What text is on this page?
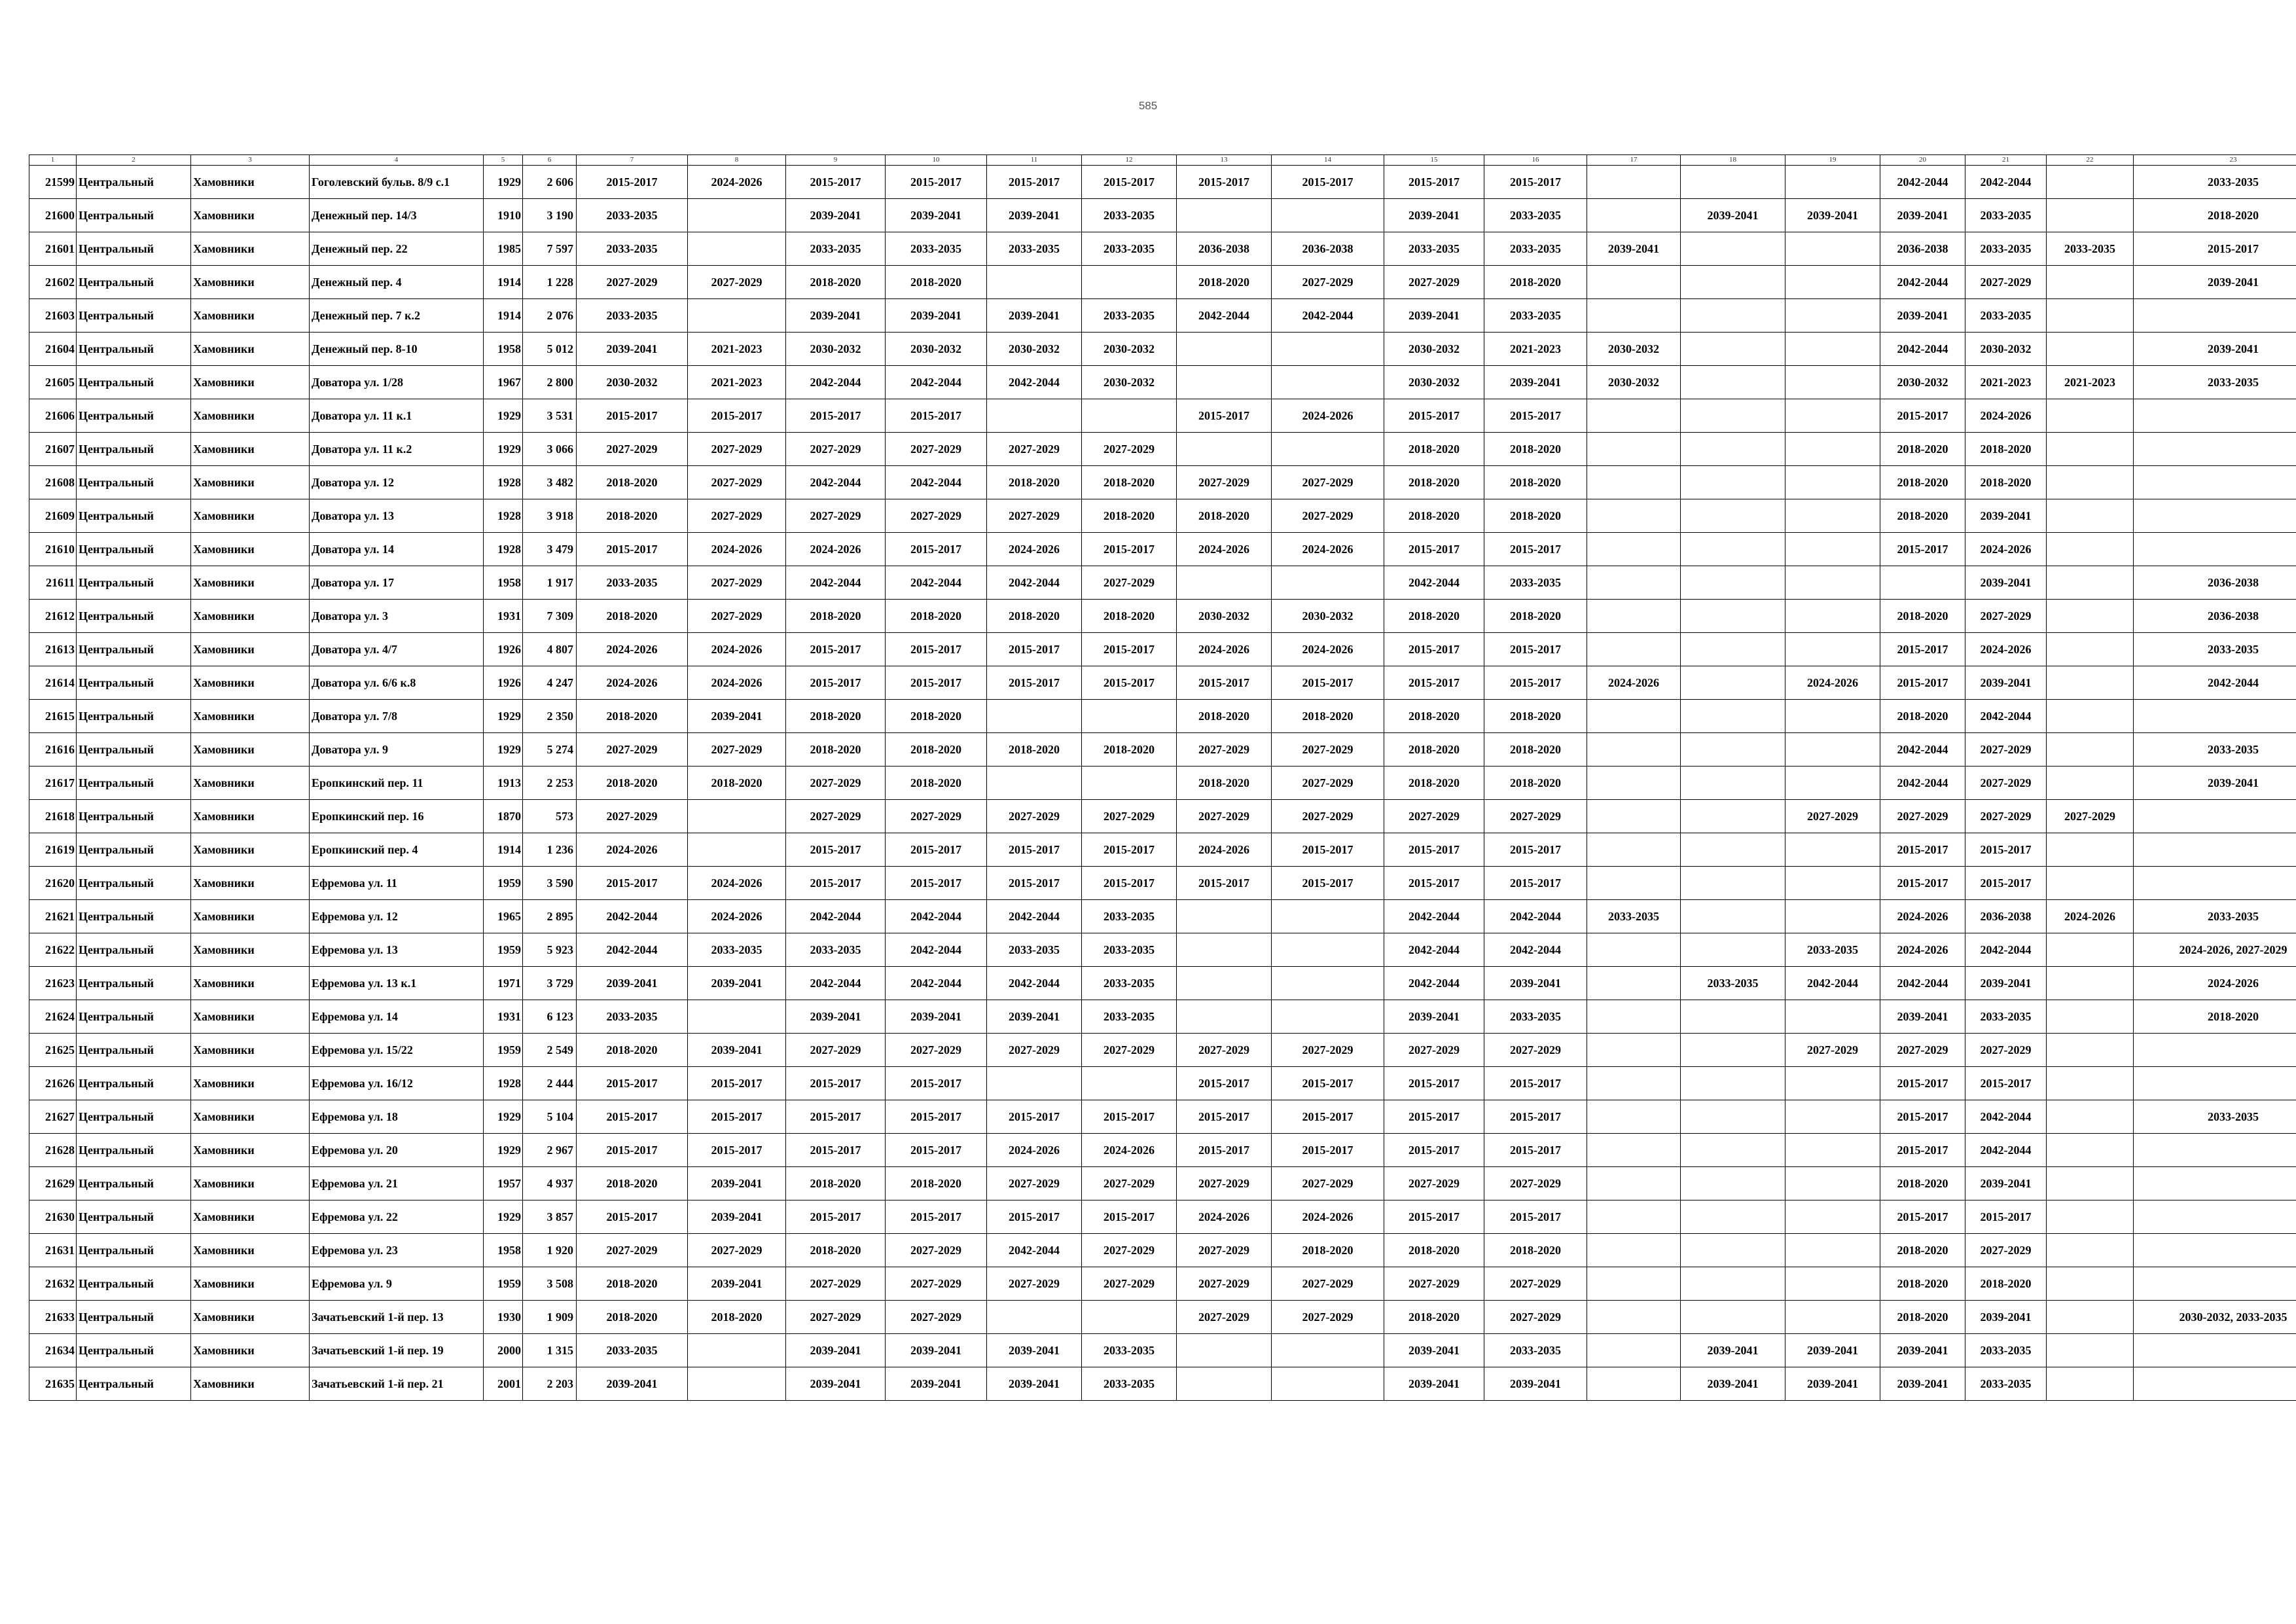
585
1	2	3	4	5	6	7	8	9	10	11	12	13	14	15	16	17	18	19	20	21	22	23
21599	Центральный	Хамовники	Гоголевский бульв. 8/9 с.1	1929	2 606	2015-2017	2024-2026	2015-2017	2015-2017	2015-2017	2015-2017	2015-2017	2015-2017	2015-2017	2015-2017				2042-2044	2042-2044		2033-2035
21600	Центральный	Хамовники	Денежный пер. 14/3	1910	3 190	2033-2035		2039-2041	2039-2041	2039-2041	2033-2035			2039-2041	2033-2035		2039-2041	2039-2041	2039-2041	2033-2035		2018-2020
21601	Центральный	Хамовники	Денежный пер. 22	1985	7 597	2033-2035		2033-2035	2033-2035	2033-2035	2033-2035	2036-2038	2036-2038	2033-2035	2033-2035	2039-2041			2036-2038	2033-2035	2033-2035	2015-2017
21602	Центральный	Хамовники	Денежный пер. 4	1914	1 228	2027-2029	2027-2029	2018-2020	2018-2020			2018-2020	2027-2029	2027-2029	2018-2020				2042-2044	2027-2029		2039-2041
21603	Центральный	Хамовники	Денежный пер. 7 к.2	1914	2 076	2033-2035		2039-2041	2039-2041	2039-2041	2033-2035	2042-2044	2042-2044	2039-2041	2033-2035				2039-2041	2033-2035		
21604	Центральный	Хамовники	Денежный пер. 8-10	1958	5 012	2039-2041	2021-2023	2030-2032	2030-2032	2030-2032	2030-2032			2030-2032	2021-2023	2030-2032			2042-2044	2030-2032		2039-2041
21605	Центральный	Хамовники	Доватора ул. 1/28	1967	2 800	2030-2032	2021-2023	2042-2044	2042-2044	2042-2044	2030-2032			2030-2032	2039-2041	2030-2032			2030-2032	2021-2023	2021-2023	2033-2035
21606	Центральный	Хамовники	Доватора ул. 11 к.1	1929	3 531	2015-2017	2015-2017	2015-2017	2015-2017			2015-2017	2024-2026	2015-2017	2015-2017				2015-2017	2024-2026		
21607	Центральный	Хамовники	Доватора ул. 11 к.2	1929	3 066	2027-2029	2027-2029	2027-2029	2027-2029	2027-2029	2027-2029			2018-2020	2018-2020				2018-2020	2018-2020		
21608	Центральный	Хамовники	Доватора ул. 12	1928	3 482	2018-2020	2027-2029	2042-2044	2042-2044	2018-2020	2018-2020	2027-2029	2027-2029	2018-2020	2018-2020				2018-2020	2018-2020		
21609	Центральный	Хамовники	Доватора ул. 13	1928	3 918	2018-2020	2027-2029	2027-2029	2027-2029	2027-2029	2018-2020	2018-2020	2027-2029	2018-2020	2018-2020				2018-2020	2039-2041		
21610	Центральный	Хамовники	Доватора ул. 14	1928	3 479	2015-2017	2024-2026	2024-2026	2015-2017	2024-2026	2015-2017	2024-2026	2024-2026	2015-2017	2015-2017				2015-2017	2024-2026		
21611	Центральный	Хамовники	Доватора ул. 17	1958	1 917	2033-2035	2027-2029	2042-2044	2042-2044	2042-2044	2027-2029			2042-2044	2033-2035					2039-2041		2036-2038
21612	Центральный	Хамовники	Доватора ул. 3	1931	7 309	2018-2020	2027-2029	2018-2020	2018-2020	2018-2020	2018-2020	2030-2032	2030-2032	2018-2020	2018-2020				2018-2020	2027-2029		2036-2038
21613	Центральный	Хамовники	Доватора ул. 4/7	1926	4 807	2024-2026	2024-2026	2015-2017	2015-2017	2015-2017	2015-2017	2024-2026	2024-2026	2015-2017	2015-2017				2015-2017	2024-2026		2033-2035
21614	Центральный	Хамовники	Доватора ул. 6/6 к.8	1926	4 247	2024-2026	2024-2026	2015-2017	2015-2017	2015-2017	2015-2017	2015-2017	2015-2017	2015-2017	2015-2017	2024-2026		2024-2026	2015-2017	2039-2041		2042-2044
21615	Центральный	Хамовники	Доватора ул. 7/8	1929	2 350	2018-2020	2039-2041	2018-2020	2018-2020			2018-2020	2018-2020	2018-2020	2018-2020				2018-2020	2042-2044		
21616	Центральный	Хамовники	Доватора ул. 9	1929	5 274	2027-2029	2027-2029	2018-2020	2018-2020	2018-2020	2018-2020	2027-2029	2027-2029	2018-2020	2018-2020				2042-2044	2027-2029		2033-2035
21617	Центральный	Хамовники	Еропкинский пер. 11	1913	2 253	2018-2020	2018-2020	2027-2029	2018-2020			2018-2020	2027-2029	2018-2020	2018-2020				2042-2044	2027-2029		2039-2041
21618	Центральный	Хамовники	Еропкинский пер. 16	1870	573	2027-2029		2027-2029	2027-2029	2027-2029	2027-2029	2027-2029	2027-2029	2027-2029	2027-2029			2027-2029	2027-2029	2027-2029	2027-2029	
21619	Центральный	Хамовники	Еропкинский пер. 4	1914	1 236	2024-2026		2015-2017	2015-2017	2015-2017	2015-2017	2024-2026	2015-2017	2015-2017	2015-2017				2015-2017	2015-2017		
21620	Центральный	Хамовники	Ефремова ул. 11	1959	3 590	2015-2017	2024-2026	2015-2017	2015-2017	2015-2017	2015-2017	2015-2017	2015-2017	2015-2017	2015-2017				2015-2017	2015-2017		
21621	Центральный	Хамовники	Ефремова ул. 12	1965	2 895	2042-2044	2024-2026	2042-2044	2042-2044	2042-2044	2033-2035			2042-2044	2042-2044	2033-2035			2024-2026	2036-2038	2024-2026	2033-2035
21622	Центральный	Хамовники	Ефремова ул. 13	1959	5 923	2042-2044	2033-2035	2033-2035	2042-2044	2033-2035	2033-2035			2042-2044	2042-2044			2033-2035	2024-2026	2042-2044		2024-2026, 2027-2029
21623	Центральный	Хамовники	Ефремова ул. 13 к.1	1971	3 729	2039-2041	2039-2041	2042-2044	2042-2044	2042-2044	2033-2035			2042-2044	2039-2041		2033-2035	2042-2044	2042-2044	2039-2041		2024-2026
21624	Центральный	Хамовники	Ефремова ул. 14	1931	6 123	2033-2035		2039-2041	2039-2041	2039-2041	2033-2035			2039-2041	2033-2035				2039-2041	2033-2035		2018-2020
21625	Центральный	Хамовники	Ефремова ул. 15/22	1959	2 549	2018-2020	2039-2041	2027-2029	2027-2029	2027-2029	2027-2029	2027-2029	2027-2029	2027-2029	2027-2029			2027-2029	2027-2029	2027-2029		
21626	Центральный	Хамовники	Ефремова ул. 16/12	1928	2 444	2015-2017	2015-2017	2015-2017	2015-2017			2015-2017	2015-2017	2015-2017	2015-2017				2015-2017	2015-2017		
21627	Центральный	Хамовники	Ефремова ул. 18	1929	5 104	2015-2017	2015-2017	2015-2017	2015-2017	2015-2017	2015-2017	2015-2017	2015-2017	2015-2017	2015-2017				2015-2017	2042-2044		2033-2035
21628	Центральный	Хамовники	Ефремова ул. 20	1929	2 967	2015-2017	2015-2017	2015-2017	2015-2017	2024-2026	2024-2026	2015-2017	2015-2017	2015-2017	2015-2017				2015-2017	2042-2044		
21629	Центральный	Хамовники	Ефремова ул. 21	1957	4 937	2018-2020	2039-2041	2018-2020	2018-2020	2027-2029	2027-2029	2027-2029	2027-2029	2027-2029	2027-2029				2018-2020	2039-2041		
21630	Центральный	Хамовники	Ефремова ул. 22	1929	3 857	2015-2017	2039-2041	2015-2017	2015-2017	2015-2017	2015-2017	2024-2026	2024-2026	2015-2017	2015-2017				2015-2017	2015-2017		
21631	Центральный	Хамовники	Ефремова ул. 23	1958	1 920	2027-2029	2027-2029	2018-2020	2027-2029	2042-2044	2027-2029	2027-2029	2018-2020	2018-2020	2018-2020				2018-2020	2027-2029		
21632	Центральный	Хамовники	Ефремова ул. 9	1959	3 508	2018-2020	2039-2041	2027-2029	2027-2029	2027-2029	2027-2029	2027-2029	2027-2029	2027-2029	2027-2029				2018-2020	2018-2020		
21633	Центральный	Хамовники	Зачатьевский 1-й пер. 13	1930	1 909	2018-2020	2018-2020	2027-2029	2027-2029			2027-2029	2027-2029	2018-2020	2027-2029				2018-2020	2039-2041		2030-2032, 2033-2035
21634	Центральный	Хамовники	Зачатьевский 1-й пер. 19	2000	1 315	2033-2035		2039-2041	2039-2041	2039-2041	2033-2035			2039-2041	2033-2035		2039-2041	2039-2041	2039-2041	2033-2035		
21635	Центральный	Хамовники	Зачатьевский 1-й пер. 21	2001	2 203	2039-2041		2039-2041	2039-2041	2039-2041	2033-2035			2039-2041	2039-2041		2039-2041	2039-2041	2039-2041	2033-2035		
